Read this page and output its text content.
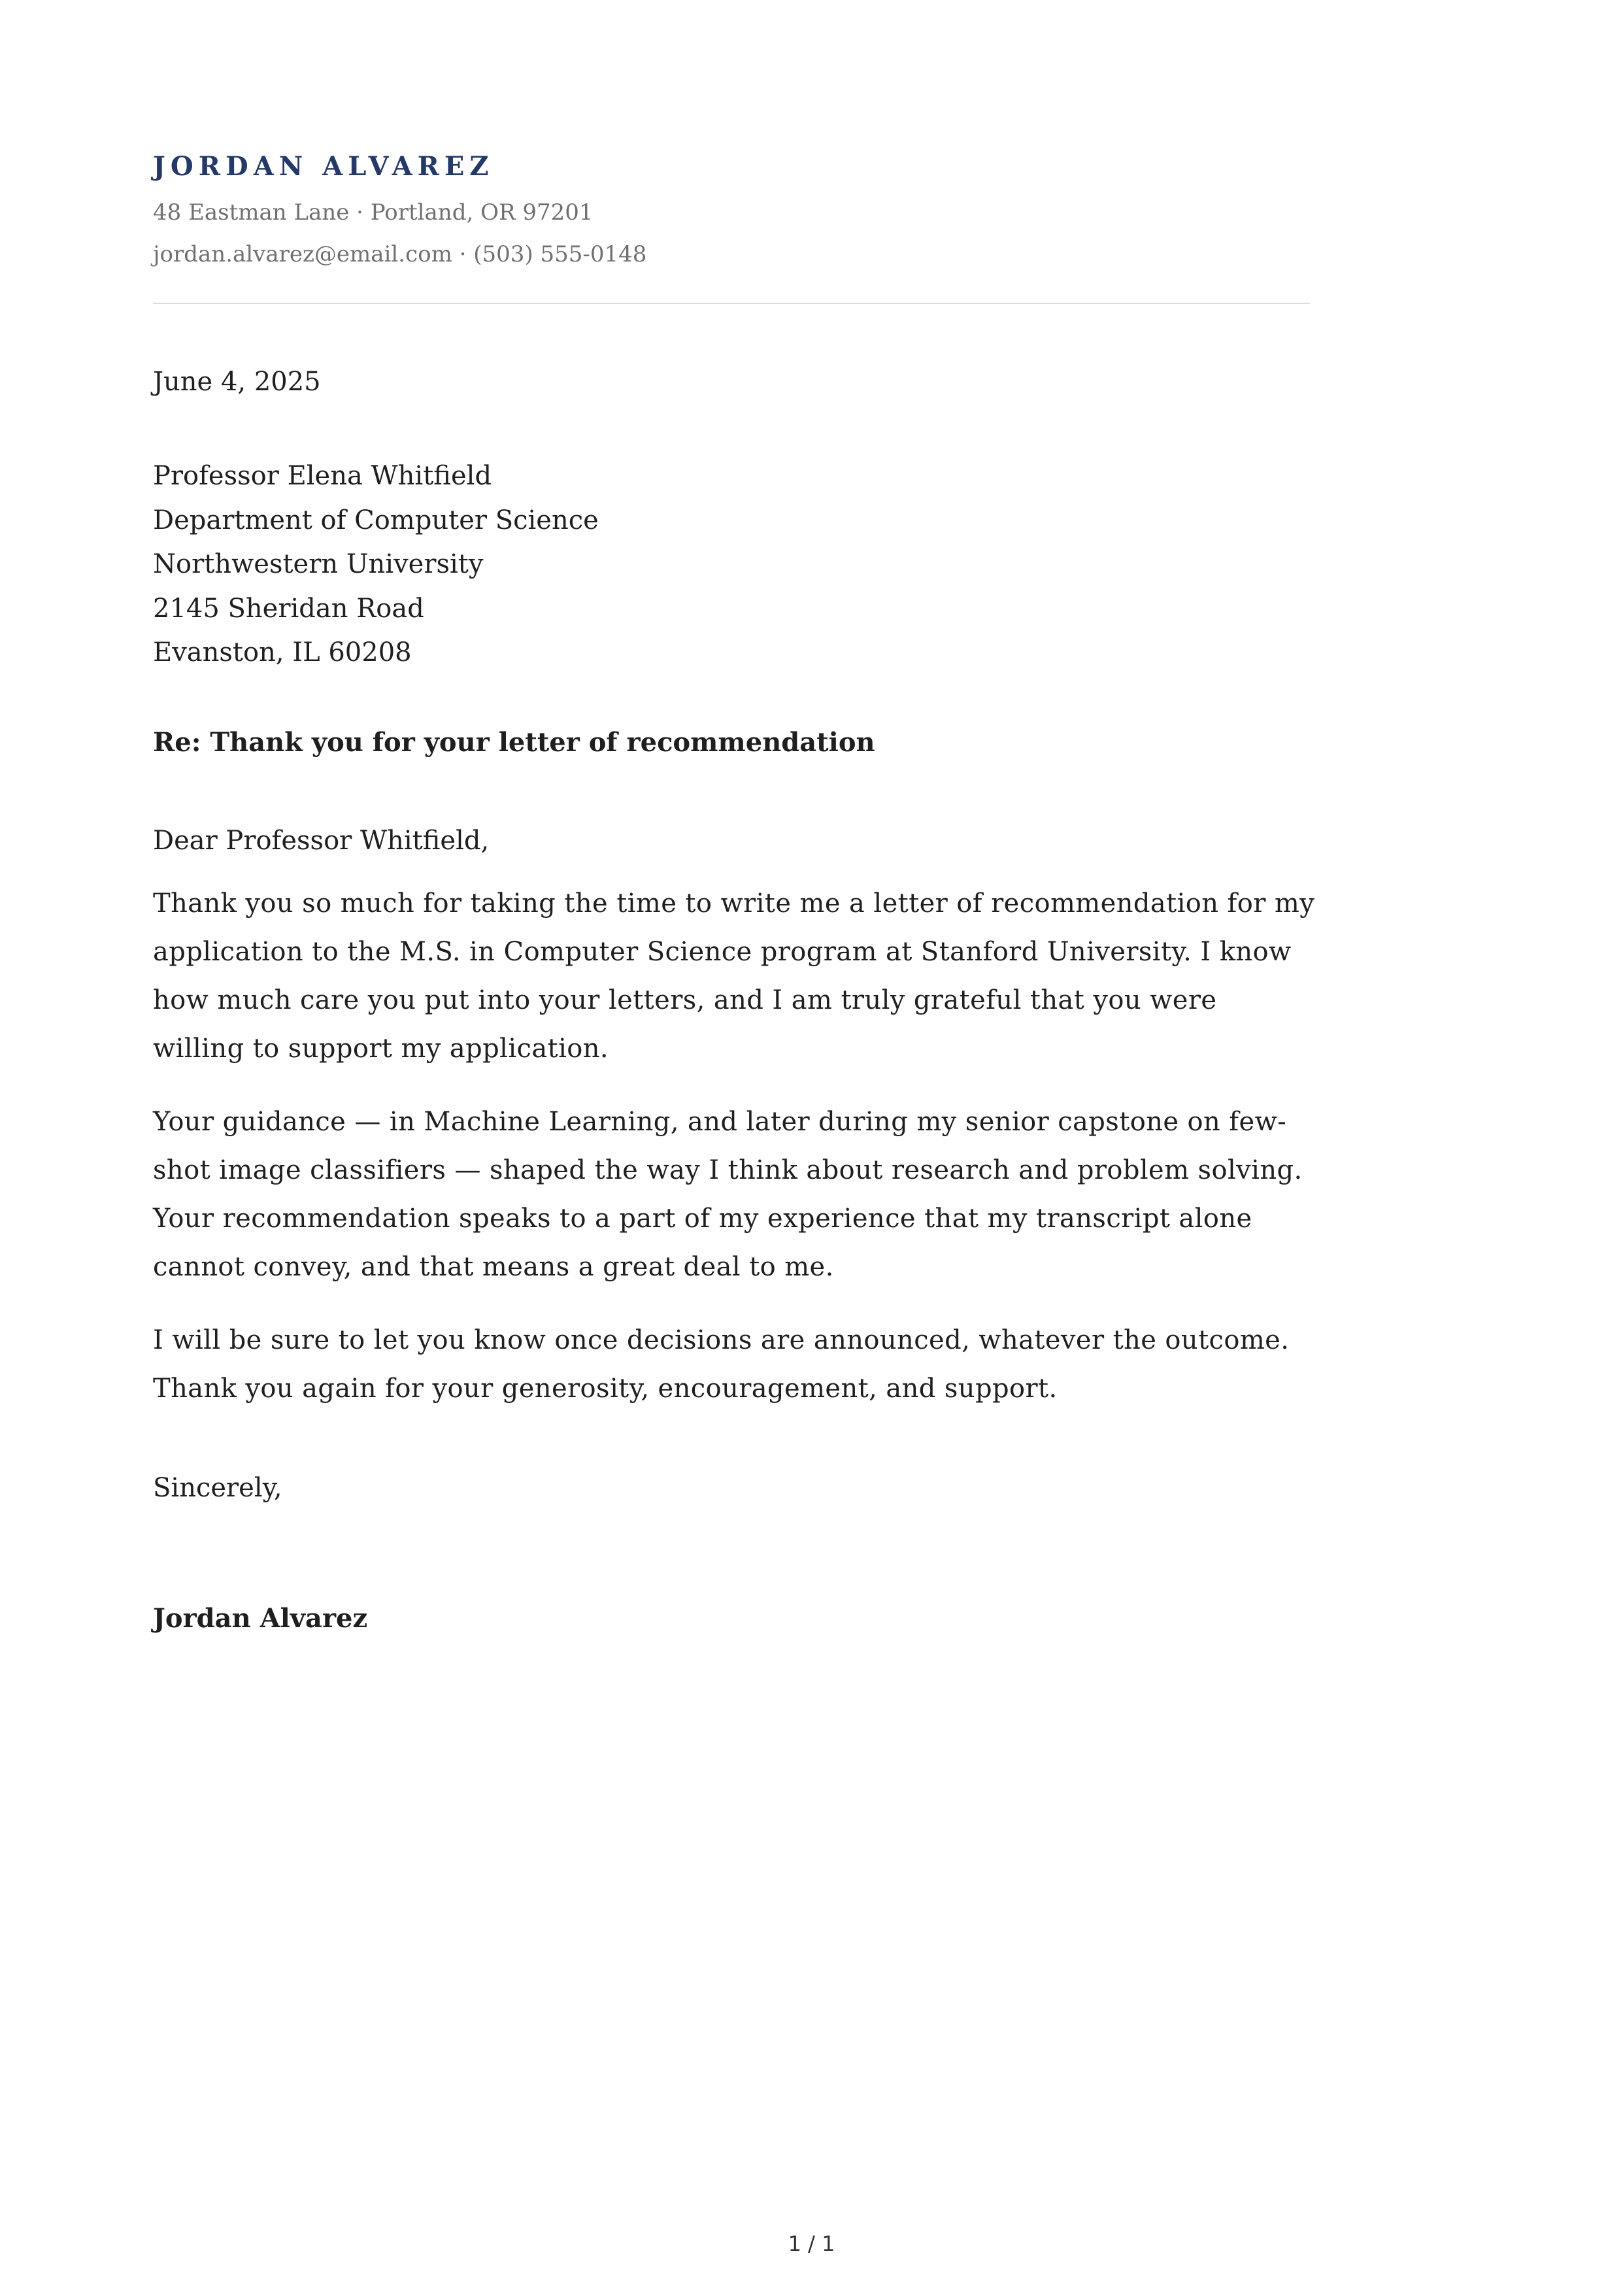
JORDAN ALVAREZ

48 Eastman Lane · Portland, OR 97201

jordan.alvarez@email.com · (503) 555-0148

June 4, 2025

Professor Elena Whitfield
Department of Computer Science
Northwestern University
2145 Sheridan Road
Evanston, IL 60208

Re: Thank you for your letter of recommendation

Dear Professor Whitfield,

Thank you so much for taking the time to write me a letter of recommendation for my application to the M.S. in Computer Science program at Stanford University. I know how much care you put into your letters, and I am truly grateful that you were willing to support my application.

Your guidance — in Machine Learning, and later during my senior capstone on few-shot image classifiers — shaped the way I think about research and problem solving. Your recommendation speaks to a part of my experience that my transcript alone cannot convey, and that means a great deal to me.

I will be sure to let you know once decisions are announced, whatever the outcome. Thank you again for your generosity, encouragement, and support.

Sincerely,

Jordan Alvarez

1 / 1
